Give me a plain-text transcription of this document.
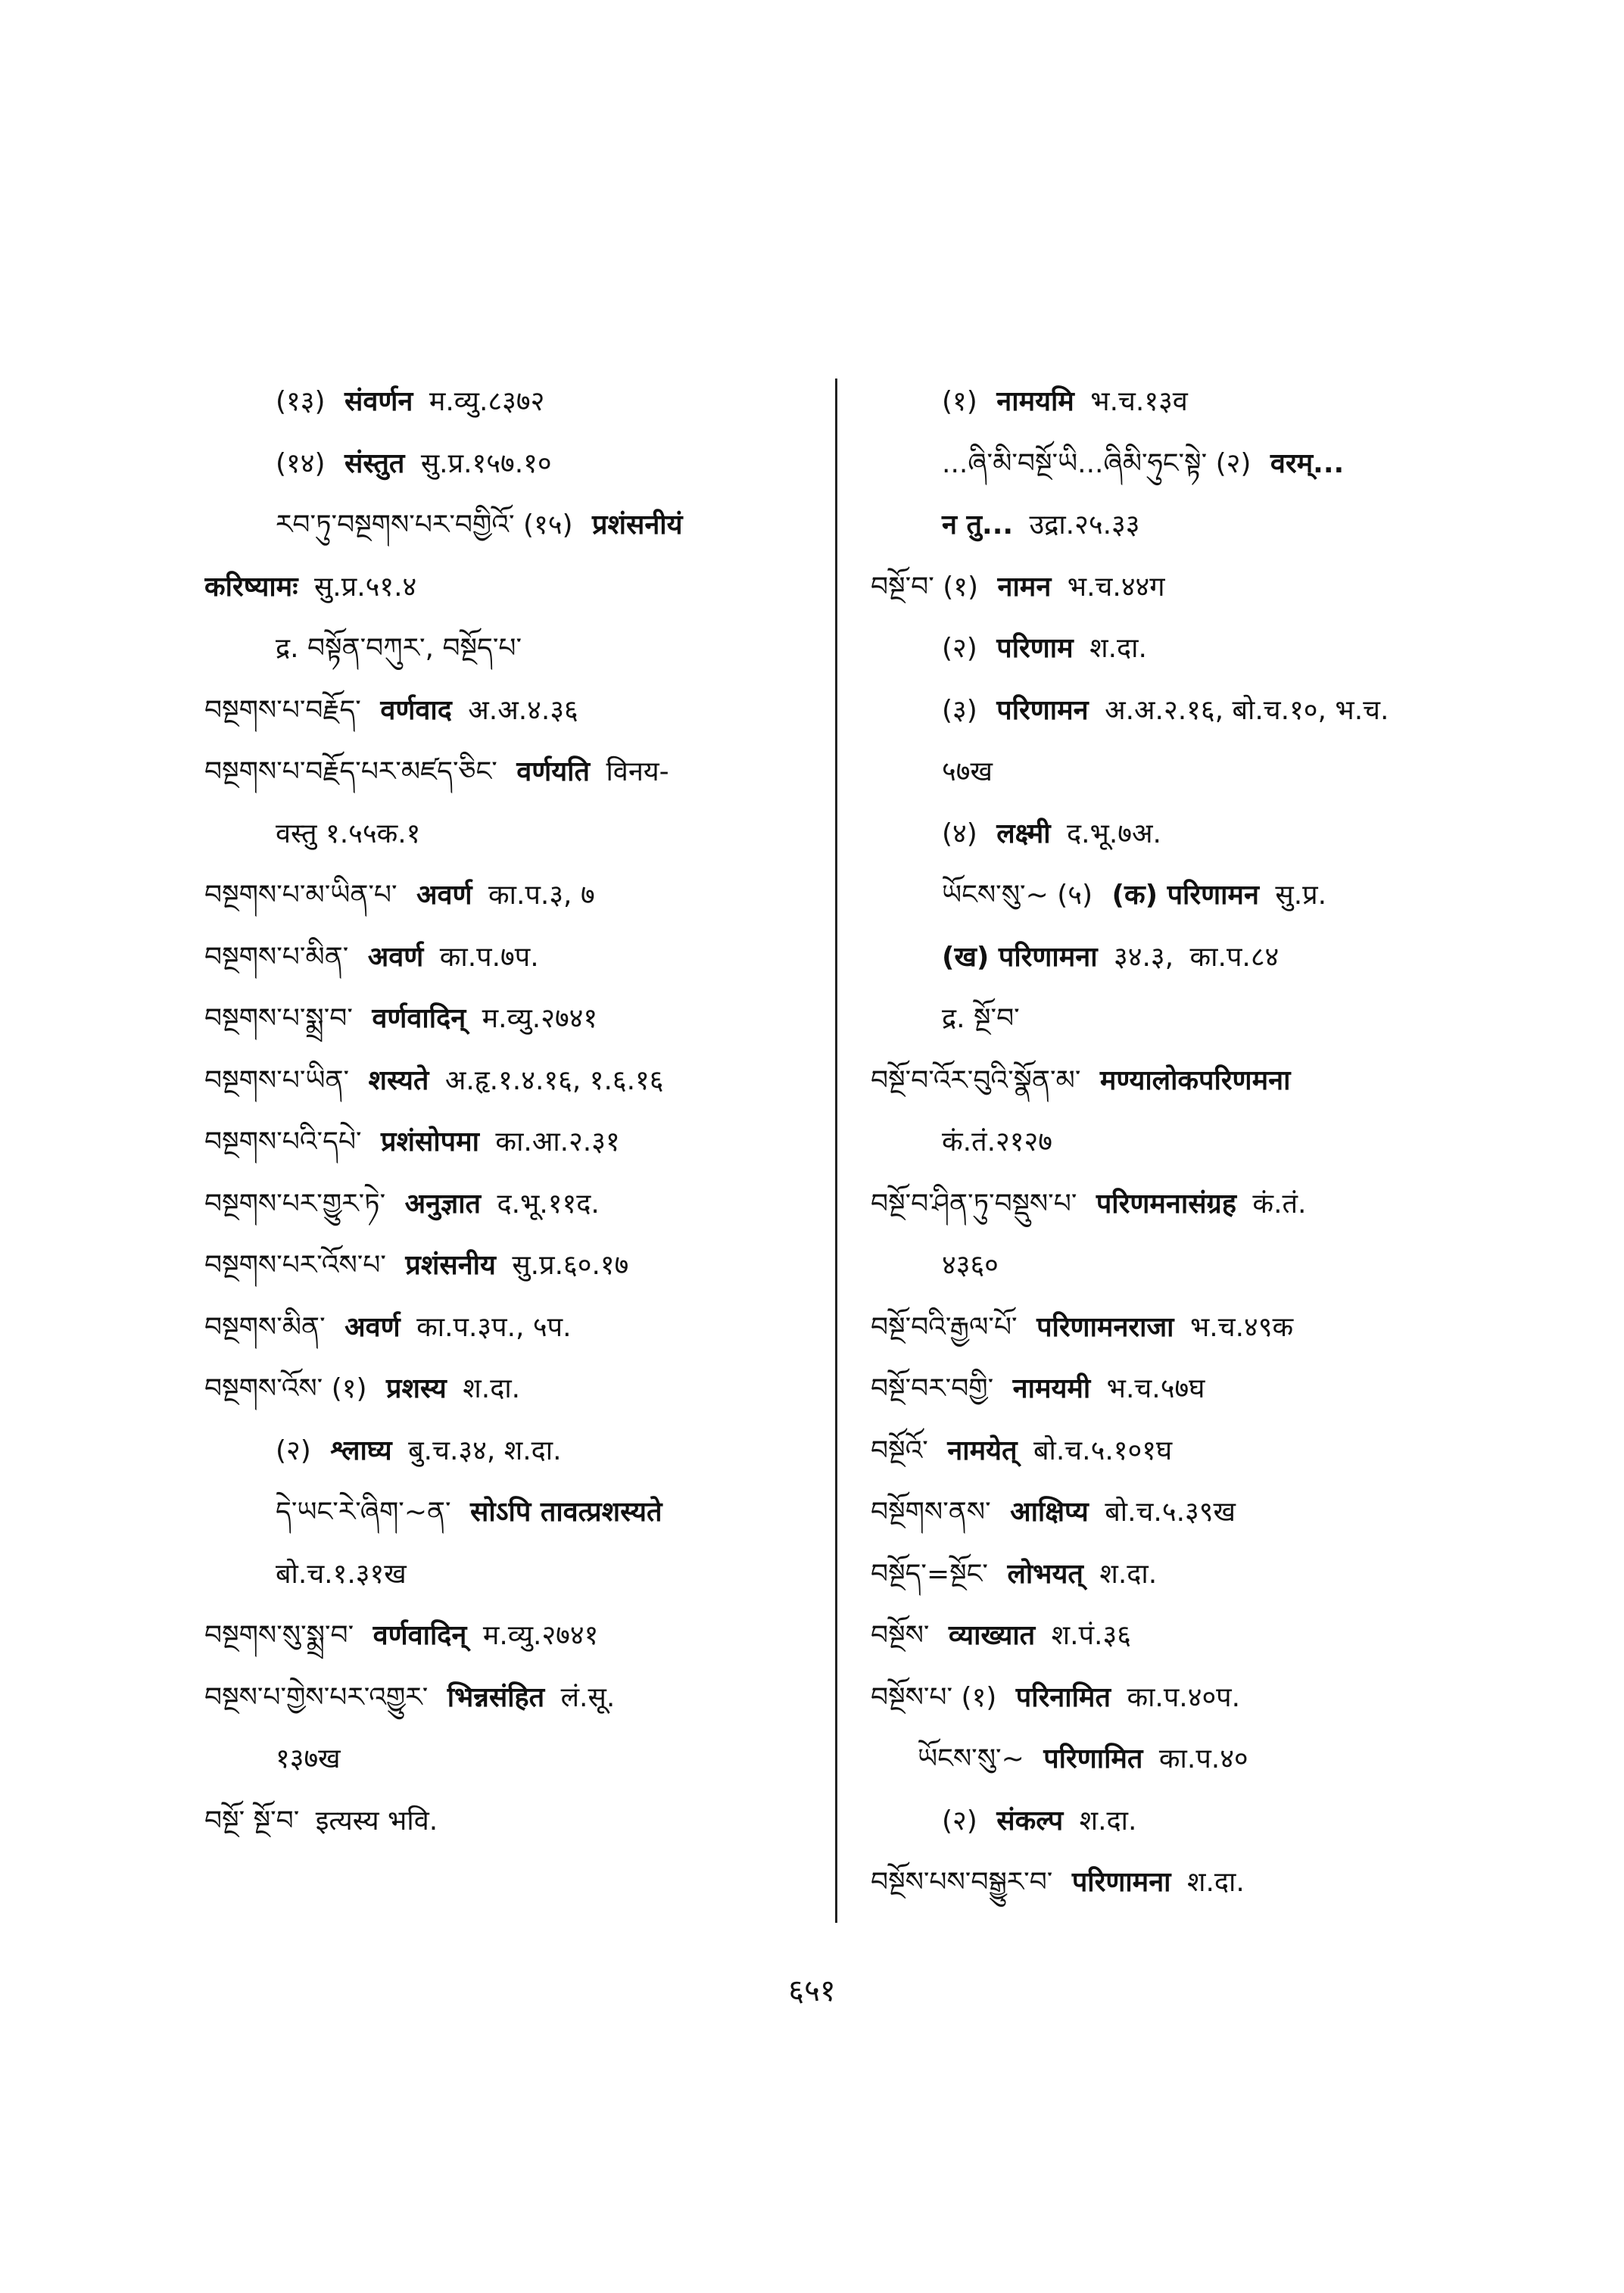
(१३) संवर्णन म.व्यु.८३७२
(१४) संस्तुत सु.प्र.१५७.१०
རབ་ཏུ་བསྔགས་པར་བགྱིའོ་ (१५) प्रशंसनीयं
करिष्यामः सु.प्र.५१.४
द्र. བསྟོན་བཀུར་, བསྔོད་པ་
བསྔགས་པ་བརྗོད་ वर्णवाद अ.अ.४.३६
བསྔགས་པ་བརྗོད་པར་མཛད་ཅིང་ वर्णयति विनय-
वस्तु १.५५क.१
བསྔགས་པ་མ་ཡིན་པ་ अवर्ण का.प.३, ७
བསྔགས་པ་མིན་ अवर्ण का.प.७प.
བསྔགས་པ་སྨྲ་བ་ वर्णवादिन् म.व्यु.२७४१
བསྔགས་པ་ཡིན་ शस्यते अ.हृ.१.४.१६, १.६.१६
བསྔགས་པའི་དཔེ་ प्रशंसोपमा का.आ.२.३१
བསྔགས་པར་གྱུར་ཏེ་ अनुज्ञात द.भू.११द.
བསྔགས་པར་འོས་པ་ प्रशंसनीय सु.प्र.६०.१७
བསྔགས་མིན་ अवर्ण का.प.३प., ५प.
བསྔགས་འོས་ (१) प्रशस्य श.दा.
(२) श्लाघ्य बु.च.३४, श.दा.
དེ་ཡང་རེ་ཞིག་~ན་ सोऽपि तावत्प्रशस्यते
बो.च.१.३१ख
བསྔགས་སུ་སྨྲ་བ་ वर्णवादिन् म.व्यु.२७४१
བསྔས་པ་གྱེས་པར་འགྱུར་ भिन्नसंहित लं.सू.
१३७ख
བསྔོ་ སྔོ་བ་ इत्यस्य भवि.
(१) नामयमि भ.च.१३व
...ཞི་མི་བསྔོ་ཡི...ཞིམི་ཧུང་སྟེ་ (२) वरम्...
न तु... उद्रा.२५.३३
བསྔོ་བ་ (१) नामन भ.च.४४ग
(२) परिणाम श.दा.
(३) परिणामन अ.अ.२.१६, बो.च.१०, भ.च.
५७ख
(४) लक्ष्मी द.भू.७अ.
ཡོངས་སུ་~ (५) (क) परिणामन सु.प्र.
(ख) परिणामना ३४.३, का.प.८४
द्र. སྔོ་བ་
བསྔོ་བ་འོར་བུའི་སྣོན་མ་ मण्यालोकपरिणमना
कं.तं.२१२७
བསྔོ་བ་ཤིན་ཏུ་བསྡུས་པ་ परिणमनासंग्रह कं.तं.
४३६०
བསྔོ་བའི་རྒྱལ་པོ་ परिणामनराजा भ.च.४९क
བསྔོ་བར་བགྱི་ नामयमी भ.च.५७घ
བསྔོའོ་ नामयेत् बो.च.५.१०१घ
བསྔོགས་ནས་ आक्षिप्य बो.च.५.३९ख
བསྔོད་=སྔོང་ लोभयत् श.दा.
བསྔོས་ व्याख्यात श.पं.३६
བསྔོས་པ་ (१) परिनामित का.प.४०प.
ཡོངས་སུ་~ परिणामित का.प.४०
(२) संकल्प श.दा.
བསྔོས་པས་བསྒྱུར་བ་ परिणामना श.दा.
६५१
